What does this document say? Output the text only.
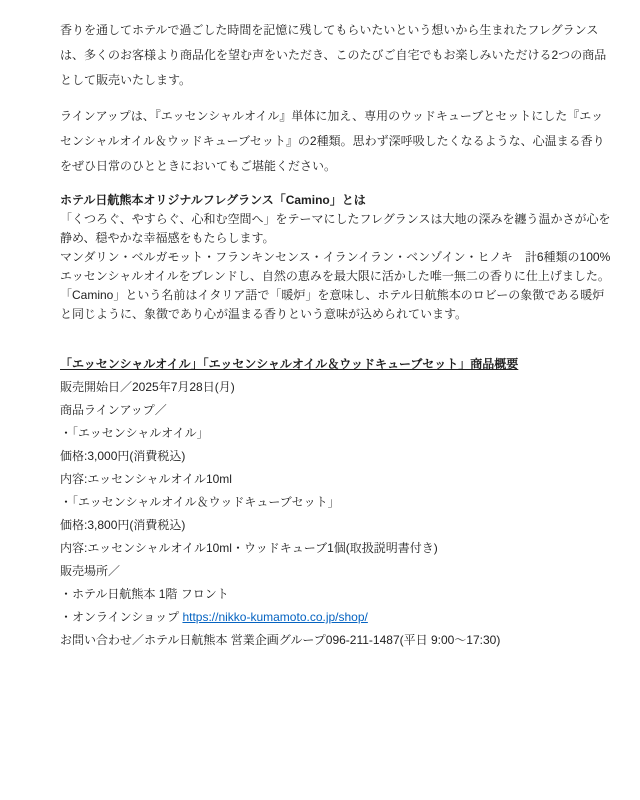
香りを通してホテルで過ごした時間を記憶に残してもらいたいという想いから生まれたフレグランス
は、多くのお客様より商品化を望む声をいただき、このたびご自宅でもお楽しみいただける2つの商品
として販売いたします。
ラインアップは、『エッセンシャルオイル』単体に加え、専用のウッドキューブとセットにした『エッ
センシャルオイル＆ウッドキューブセット』の2種類。思わず深呼吸したくなるような、心温まる香り
をぜひ日常のひとときにおいてもご堪能ください。
ホテル日航熊本オリジナルフレグランス「Camino」とは
「くつろぐ、やすらぐ、心和む空間へ」をテーマにしたフレグランスは大地の深みを纏う温かさが心を
静め、穏やかな幸福感をもたらします。
マンダリン・ベルガモット・フランキンセンス・イランイラン・ベンゾイン・ヒノキ　計6種類の100%
エッセンシャルオイルをブレンドし、自然の恵みを最大限に活かした唯一無二の香りに仕上げました。
「Camino」という名前はイタリア語で「暖炉」を意味し、ホテル日航熊本のロビーの象徴である暖炉
と同じように、象徴であり心が温まる香りという意味が込められています。
「エッセンシャルオイル」「エッセンシャルオイル＆ウッドキューブセット」商品概要
販売開始日／2025年7月28日(月)
商品ラインアップ／
・「エッセンシャルオイル」
価格:3,000円(消費税込)
内容:エッセンシャルオイル10ml
・「エッセンシャルオイル＆ウッドキューブセット」
価格:3,800円(消費税込)
内容:エッセンシャルオイル10ml・ウッドキューブ1個(取扱説明書付き)
販売場所／
・ホテル日航熊本 1階 フロント
・オンラインショップ https://nikko-kumamoto.co.jp/shop/
お問い合わせ／ホテル日航熊本 営業企画グループ096-211-1487(平日 9:00～17:30)
